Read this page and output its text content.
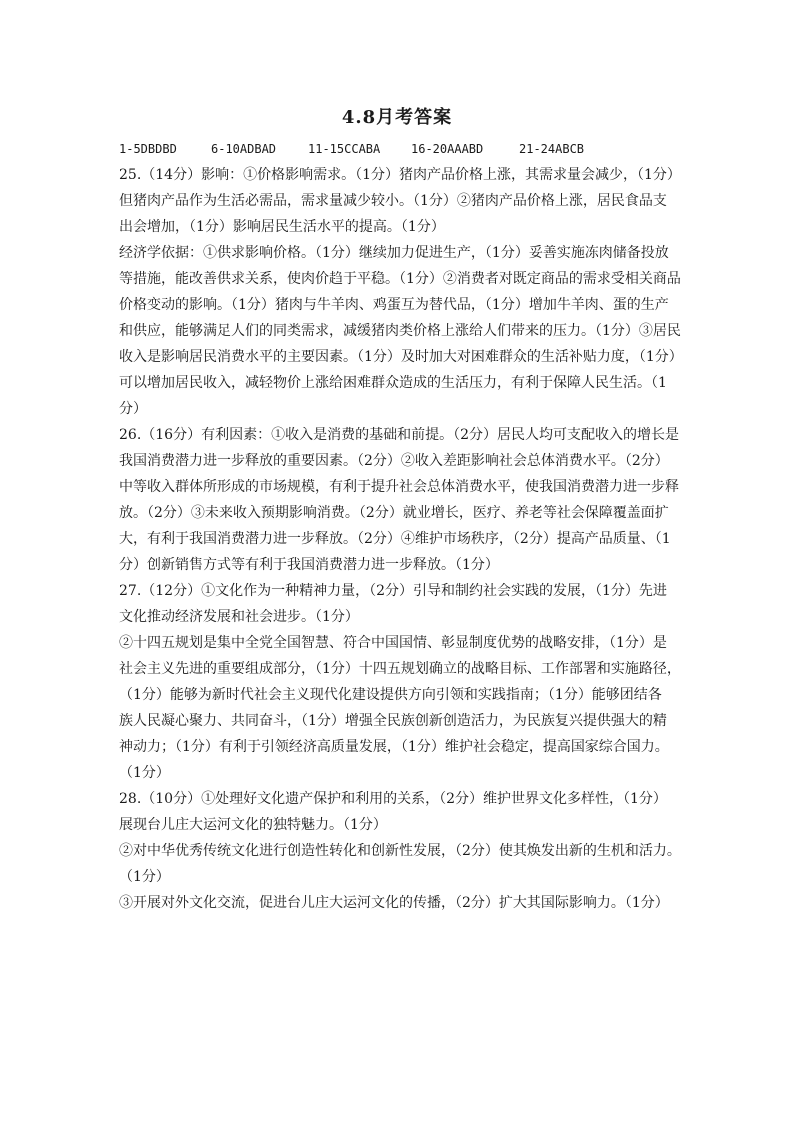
4.8月考答案
1-5DBDBD	6-10ADBAD	11-15CCABA	16-20AAABD	21-24ABCB
25.（14分）影响：①价格影响需求。（1分）猪肉产品价格上涨，其需求量会减少，（1分）
但猪肉产品作为生活必需品，需求量减少较小。（1分）②猪肉产品价格上涨，居民食品支
出会增加，（1分）影响居民生活水平的提高。（1分）
经济学依据：①供求影响价格。（1分）继续加力促进生产，（1分）妥善实施冻肉储备投放
等措施，能改善供求关系，使肉价趋于平稳。（1分）②消费者对既定商品的需求受相关商品
价格变动的影响。（1分）猪肉与牛羊肉、鸡蛋互为替代品，（1分）增加牛羊肉、蛋的生产
和供应，能够满足人们的同类需求，减缓猪肉类价格上涨给人们带来的压力。（1分）③居民
收入是影响居民消费水平的主要因素。（1分）及时加大对困难群众的生活补贴力度，（1分）
可以增加居民收入，减轻物价上涨给困难群众造成的生活压力，有利于保障人民生活。（1
分）
26.（16分）有利因素：①收入是消费的基础和前提。（2分）居民人均可支配收入的增长是
我国消费潜力进一步释放的重要因素。（2分）②收入差距影响社会总体消费水平。（2分）
中等收入群体所形成的市场规模，有利于提升社会总体消费水平，使我国消费潜力进一步释
放。（2分）③未来收入预期影响消费。（2分）就业增长，医疗、养老等社会保障覆盖面扩
大，有利于我国消费潜力进一步释放。（2分）④维护市场秩序，（2分）提高产品质量、（1
分）创新销售方式等有利于我国消费潜力进一步释放。（1分）
27.（12分）①文化作为一种精神力量，（2分）引导和制约社会实践的发展，（1分）先进
文化推动经济发展和社会进步。（1分）
②十四五规划是集中全党全国智慧、符合中国国情、彰显制度优势的战略安排，（1分）是
社会主义先进的重要组成部分，（1分）十四五规划确立的战略目标、工作部署和实施路径，
（1分）能够为新时代社会主义现代化建设提供方向引领和实践指南；（1分）能够团结各
族人民凝心聚力、共同奋斗，（1分）增强全民族创新创造活力，为民族复兴提供强大的精
神动力；（1分）有利于引领经济高质量发展，（1分）维护社会稳定，提高国家综合国力。
（1分）
28.（10分）①处理好文化遗产保护和利用的关系，（2分）维护世界文化多样性，（1分）
展现台儿庄大运河文化的独特魅力。（1分）
②对中华优秀传统文化进行创造性转化和创新性发展，（2分）使其焕发出新的生机和活力。
（1分）
③开展对外文化交流，促进台儿庄大运河文化的传播，（2分）扩大其国际影响力。（1分）
